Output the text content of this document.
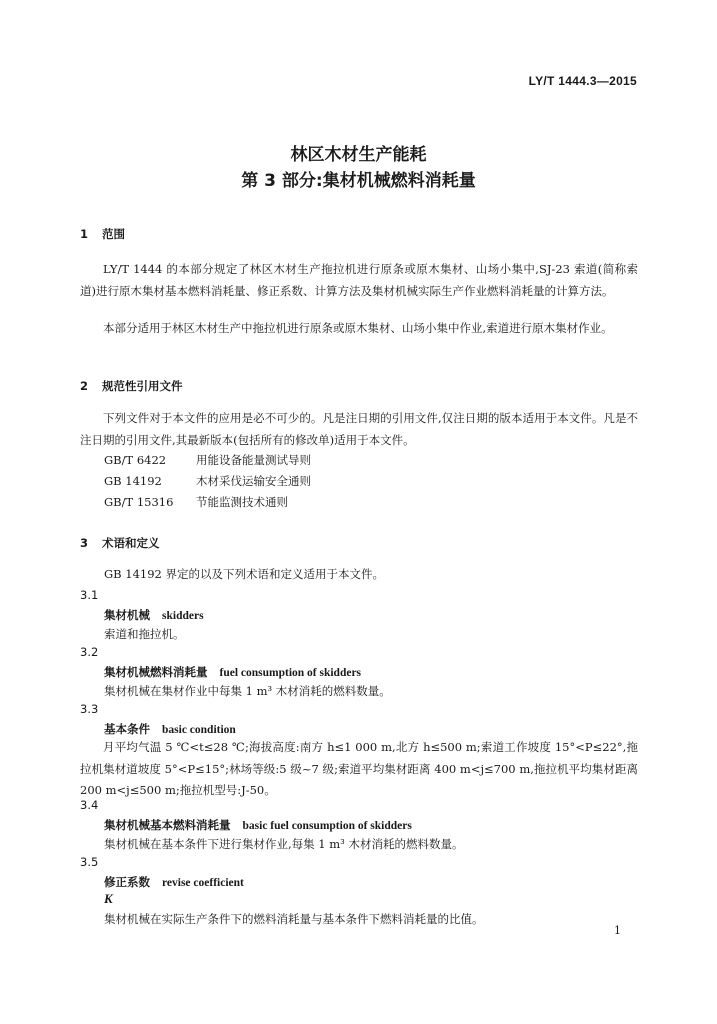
LY/T 1444.3—2015
林区木材生产能耗
第 3 部分:集材机械燃料消耗量
1 范围

LY/T 1444 的本部分规定了林区木材生产拖拉机进行原条或原木集材、山场小集中,SJ-23 索道(简称索道)进行原木集材基本燃料消耗量、修正系数、计算方法及集材机械实际生产作业燃料消耗量的计算方法。

本部分适用于林区木材生产中拖拉机进行原条或原木集材、山场小集中作业,索道进行原木集材作业。

2 规范性引用文件

下列文件对于本文件的应用是必不可少的。凡是注日期的引用文件,仅注日期的版本适用于本文件。凡是不注日期的引用文件,其最新版本(包括所有的修改单)适用于本文件。

GB/T 6422	用能设备能量测试导则
GB 14192	木材采伐运输安全通则
GB/T 15316 节能监测技术通则
3 术语和定义
GB 14192 界定的以及下列术语和定义适用于本文件。
3.1
集材机械 skidders
索道和拖拉机。
3.2
集材机械燃料消耗量 fuel consumption of skidders
集材机械在集材作业中每集 1 m³ 木材消耗的燃料数量。
3.3
基本条件 basic condition

月平均气温 5 ℃<t≤28 ℃;海拔高度:南方 h≤1 000 m,北方 h≤500 m;索道工作坡度 15°<P≤22°,拖拉机集材道坡度 5°<P≤15°;林场等级:5 级~7 级;索道平均集材距离 400 m<j≤700 m,拖拉机平均集材距离 200 m<j≤500 m;拖拉机型号:J-50。

3.4
集材机械基本燃料消耗量 basic fuel consumption of skidders
集材机械在基本条件下进行集材作业,每集 1 m³ 木材消耗的燃料数量。
3.5
修正系数 revise coefficient
K
集材机械在实际生产条件下的燃料消耗量与基本条件下燃料消耗量的比值。
1
